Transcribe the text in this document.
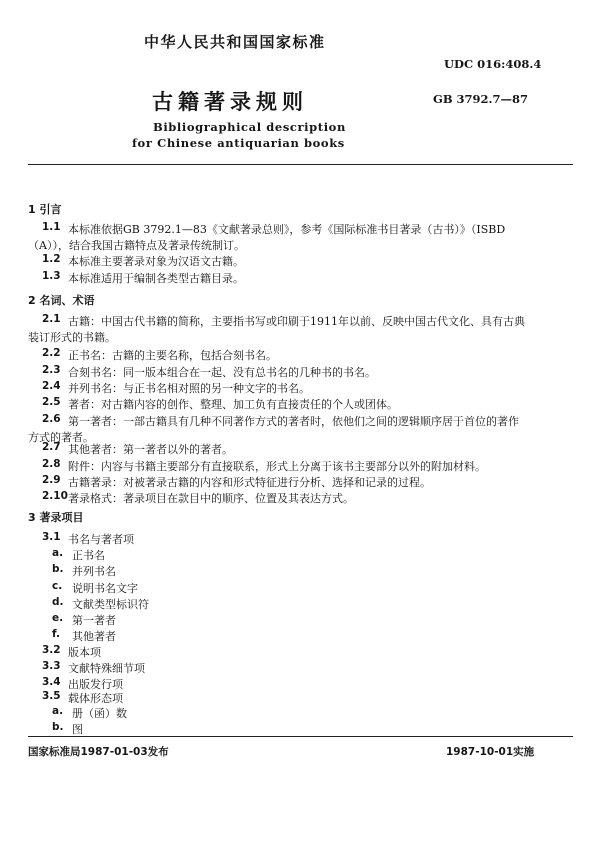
中华人民共和国国家标准
UDC 016:408.4
古籍著录规则	GB 3792.7—87
Bibliographical description
for Chinese antiquarian books
1 引言
1.1 本标准依据GB 3792.1—83《文献著录总则》，参考《国际标准书目著录（古书）》（ISBD
（A）），结合我国古籍特点及著录传统制订。
1.2 本标准主要著录对象为汉语文古籍。
1.3 本标准适用于编制各类型古籍目录。
2 名词、术语
2.1 古籍：中国古代书籍的简称，主要指书写或印刷于1911年以前、反映中国古代文化、具有古典
装订形式的书籍。
2.2 正书名：古籍的主要名称，包括合刻书名。
2.3 合刻书名：同一版本组合在一起、没有总书名的几种书的书名。
2.4 并列书名：与正书名相对照的另一种文字的书名。
2.5 著者：对古籍内容的创作、整理、加工负有直接责任的个人或团体。
2.6 第一著者：一部古籍具有几种不同著作方式的著者时，依他们之间的逻辑顺序居于首位的著作
方式的著者。
2.7 其他著者：第一著者以外的著者。
2.8 附件：内容与书籍主要部分有直接联系，形式上分离于该书主要部分以外的附加材料。
2.9 古籍著录：对被著录古籍的内容和形式特征进行分析、选择和记录的过程。
2.10 著录格式：著录项目在款目中的顺序、位置及其表达方式。
3 著录项目
3.1 书名与著者项
a. 正书名
b. 并列书名
c. 说明书名文字
d. 文献类型标识符
e. 第一著者
f. 其他著者
3.2 版本项
3.3 文献特殊细节项
3.4 出版发行项
3.5 载体形态项
a. 册（函）数
b. 图
国家标准局1987-01-03发布	1987-10-01实施
